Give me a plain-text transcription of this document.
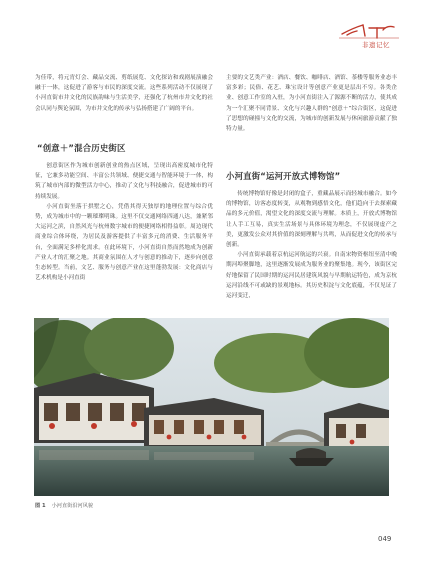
非遗记忆

为佳带，将元宵灯会、藏品交流、剪纸展览、文化探访和戏剧展演融会融于一体，这促进了游客与市民的深度交流。这些系列活动不仅展现了小河直街市井文化的民族韵味与生活美学，还强化了杭州市井文化的社会认同与舆论氛围，为市井文化的传承与弘扬搭建了广阔的平台。

“创意＋”混合历史街区

创意街区作为城市创新创业的热点区域，呈现出高密度城市化特征，它兼多功能空间、丰富公共领域、便捷交通与智能环境于一体，构筑了城市内部的微型活力中心，推动了文化与科技融合，促进城市的可持续发展。

小河直街坐落于拱墅之心，凭借其得天独厚的地理位置与综合优势，成为城市中的一颗璀璨明珠。这里不仅交通网络四通八达，兼紧邻大运河之滨，自然风光与杭州数字城市的便捷网络相得益彰。周边现代商业综合体环绕，为居民及游客提供了丰富多元的消费、生活服务平台，全面满足多样化需求。在此环境下，小河直街自然而然地成为创新产业人才的汇聚之地。其商业氛围在人才与创意的推动下，逐步向创意生态转型。当前，文艺、服务与创意产业在这里蓬勃发展：文化商店与艺术机构是小河直街

主要的文艺类产业：酒店、餐饮、咖啡店、酒馆、茶楼等服务业态丰富多彩；民俗、花艺、珠宝设计等创意产业更是层出不穷。各类企业、创意工作室的入驻，为小河直街注入了源源不断的活力，使其成为一个汇聚不同背景、文化与兴趣人群的“创意＋”综合街区，这促进了思想的碰撞与文化的交流，为城市的创新发展与休闲旅游贡献了独特力量。

小河直街“运河开放式博物馆”

传统博物馆好像是封闭的盒子，重藏品展示而轻城市融合。如今的博物馆，访客态度转变，从观物到感悟文化，他们趋向于去探索藏品的多元价值，渴望文化的深度交流与理解。本质上，开放式博物馆让人手工互易，真实生活场景与具体环境为理念，不仅展现虚产之美，更激发公众对其价值的深刻理解与共鸣，从而促进文化的传承与创新。

小河直街承载着京杭运河航运的兴衰。自南宋物资枢纽至清中晚期河埠聚脚地，这里逐渐发展成为服务业的聚集地。现今，该街区完好地保留了民国时期的运河民居建筑风貌与早期航运特色，成为京杭运河沿线不可或缺的景观地标。其历史积淀与文化底蕴，不仅见证了运河变迁，

图 1 小河直街沿河风貌
049
